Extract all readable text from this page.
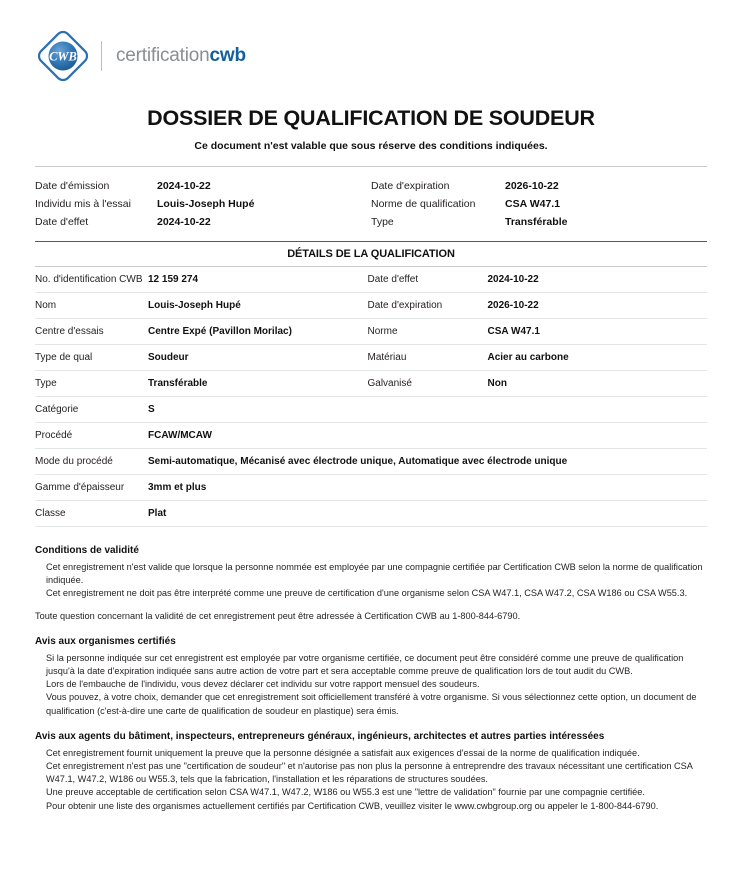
CWB certificationcwb
DOSSIER DE QUALIFICATION DE SOUDEUR
Ce document n'est valable que sous réserve des conditions indiquées.
Date d'émission	2024-10-22
Individu mis à l'essai	Louis-Joseph Hupé
Date d'effet	2024-10-22
Date d'expiration	2026-10-22
Norme de qualification	CSA W47.1
Type	Transférable
DÉTAILS DE LA QUALIFICATION
No. d'identification CWB	12 159 274	Date d'effet	2024-10-22
Nom	Louis-Joseph Hupé	Date d'expiration	2026-10-22
Centre d'essais	Centre Expé (Pavillon Morilac)	Norme	CSA W47.1
Type de qual	Soudeur	Matériau	Acier au carbone
Type	Transférable	Galvanisé	Non
Catégorie	S		
Procédé	FCAW/MCAW		
Mode du procédé	Semi-automatique, Mécanisé avec électrode unique, Automatique avec électrode unique		
Gamme d'épaisseur	3mm et plus		
Classe	Plat		
Conditions de validité
Cet enregistrement n'est valide que lorsque la personne nommée est employée par une compagnie certifiée par Certification CWB selon la norme de qualification indiquée.
Cet enregistrement ne doit pas être interprété comme une preuve de certification d'une organisme selon CSA W47.1, CSA W47.2, CSA W186 ou CSA W55.3.
Toute question concernant la validité de cet enregistrement peut être adressée à Certification CWB au 1-800-844-6790.
Avis aux organismes certifiés
Si la personne indiquée sur cet enregistrent est employée par votre organisme certifiée, ce document peut être considéré comme une preuve de qualification jusqu'à la date d'expiration indiquée sans autre action de votre part et sera acceptable comme preuve de qualification lors de tout audit du CWB.
Lors de l'embauche de l'individu, vous devez déclarer cet individu sur votre rapport mensuel des soudeurs.
Vous pouvez, à votre choix, demander que cet enregistrement soit officiellement transféré à votre organisme. Si vous sélectionnez cette option, un document de qualification (c'est-à-dire une carte de qualification de soudeur en plastique) sera émis.
Avis aux agents du bâtiment, inspecteurs, entrepreneurs généraux, ingénieurs, architectes et autres parties intéressées
Cet enregistrement fournit uniquement la preuve que la personne désignée a satisfait aux exigences d'essai de la norme de qualification indiquée.
Cet enregistrement n'est pas une "certification de soudeur" et n'autorise pas non plus la personne à entreprendre des travaux nécessitant une certification CSA W47.1, W47.2, W186 ou W55.3, tels que la fabrication, l'installation et les réparations de structures soudées.
Une preuve acceptable de certification selon CSA W47.1, W47.2, W186 ou W55.3 est une "lettre de validation" fournie par une compagnie certifiée.
Pour obtenir une liste des organismes actuellement certifiés par Certification CWB, veuillez visiter le www.cwbgroup.org ou appeler le 1-800-844-6790.
